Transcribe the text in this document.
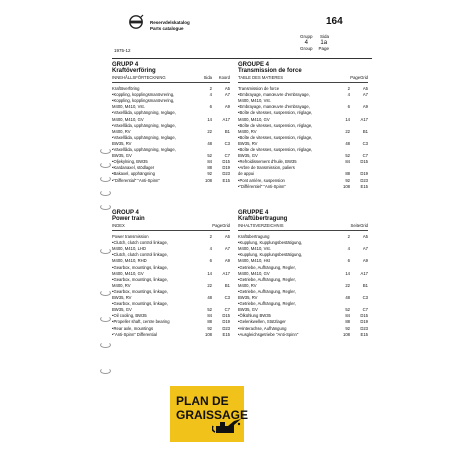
Reservdelskatalog
Parts catalogue
164
1975-12
Grupp	Sida
4	1a
Group	Page
GRUPP 4
Kraftöverföring
INNEHÅLLSFÖRTECKNING	Sida	Koord
Kraftöverföring	2	A5
•Koppling, kopplingsmanövrering,	4	A7
•Koppling, kopplingsmanövrering,
M400, M410, Vst.	6	A9
•Växellåda, upphängning, reglage,
M400, M410, GV	14	A17
•Växellåda, upphängning, reglage,
M400, RV	22	B1
•Växellåda, upphängning, reglage,
BW35, RV	48	C3
•Växellåda, upphängning, reglage,
BW35, GV	52	C7
•Oljekylning, BW35	84	D15
•Kardanaxel, stödlager	88	D19
•Bakaxel, upphängning	92	D23
•"Differential" "Anti-Spinn"	108	E15
GROUPE 4
Transmission de force
TABLE DES MATIERES	Page Grid
Transmission de force	2	A5
•Embrayage, manœuvre d'embrayage,	4	A7
M400, M410, Vst.
•Embrayage, manœuvre d'embrayage,	6	A9
•Boîte de vitesses, suspension, réglage,
M400, M410, GV	14	A17
•Boîte de vitesses, suspension, réglage,
M400, RV	22	B1
•Boîte de vitesses, suspension, réglage,
BW35, RV	48	C3
•Boîte de vitesses, suspension, réglage,
BW35, GV	52	C7
•Refroidissement d'huile, BW35	84	D15
•Arbre de transmission, paliers
de appui	88	D19
•Pont arrière, suspension	92	D23
•"Différentiel" "Anti-Spinn"	108	E15
GROUP 4
Power train
INDEX	Page Grid
Power transmission	2	A5
•Clutch, clutch control linkage,
M400, M410, LHD	4	A7
•Clutch, clutch control linkage,
M400, M410, RHD	6	A9
•Gearbox, mountings, linkage,
M400, M410, GV	14	A17
•Gearbox, mountings, linkage,
M400, RV	22	B1
•Gearbox, mountings, linkage,
BW35, RV	48	C3
•Gearbox, mountings, linkage,
BW35, GV	52	C7
•Oil cooling, BW35	84	D15
•Propeller shaft, centre bearing	88	D19
•Rear axle, mountings	92	D23
•"Anti-Spinn" Differential	108	E15
GRUPPE 4
Kraftübertragung
INHALTSVERZEICHNIS	Seite Grid
Kraftübertragung	2	A5
•Kupplung, Kupplungsbestätigung,
M400, M410, Vst.	4	A7
•Kupplung, Kupplungsbestätigung,
M400, M410, Hst	6	A9
•Getriebe, Aufhängung, Regler,
M400, M410, GV	14	A17
•Getriebe, Aufhängung, Regler,
M400, RV	22	B1
•Getriebe, Aufhängung, Regler,
BW35, RV	48	C3
•Getriebe, Aufhängung, Regler,
BW35, GV	52	C7
•Ölkühlung BW35	84	D15
•Gelenkwellen, Stützlager	88	D19
•Hinterachse, Aufhängung	92	D23
•Ausgleichsgetriebe "Anti-Spinn"	108	E15
PLAN DE
GRAISSAGE
